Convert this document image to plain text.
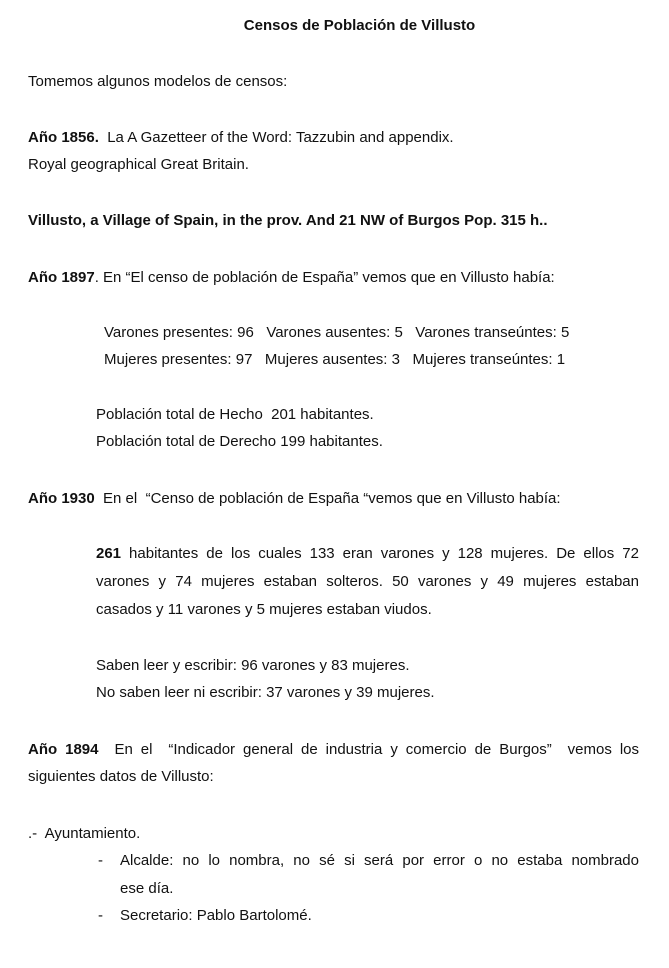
Censos de Población de Villusto
Tomemos algunos modelos de censos:
Año 1856. La A Gazetteer of the Word: Tazzubin and appendix.
Royal geographical Great Britain.
Villusto, a Village of Spain, in the prov. And 21 NW of Burgos Pop. 315 h..
Año 1897. En “El censo de población de España” vemos que en Villusto había:
Varones presentes: 96   Varones ausentes: 5   Varones transeúntes: 5
Mujeres presentes: 97   Mujeres ausentes: 3   Mujeres transeúntes: 1
Población total de Hecho  201 habitantes.
Población total de Derecho 199 habitantes.
Año 1930 En el  “Censo de población de España “vemos que en Villusto había:
261 habitantes de los cuales 133 eran varones y 128 mujeres. De ellos 72
varones y 74 mujeres estaban solteros. 50 varones y 49 mujeres estaban
casados y 11 varones y 5 mujeres estaban viudos.
Saben leer y escribir: 96 varones y 83 mujeres.
No saben leer ni escribir: 37 varones y 39 mujeres.
Año 1894 En el  “Indicador general de industria y comercio de Burgos”  vemos los
siguientes datos de Villusto:
.-  Ayuntamiento.
- Alcalde: no lo nombra, no sé si será por error o no estaba nombrado
ese día.
- Secretario: Pablo Bartolomé.
